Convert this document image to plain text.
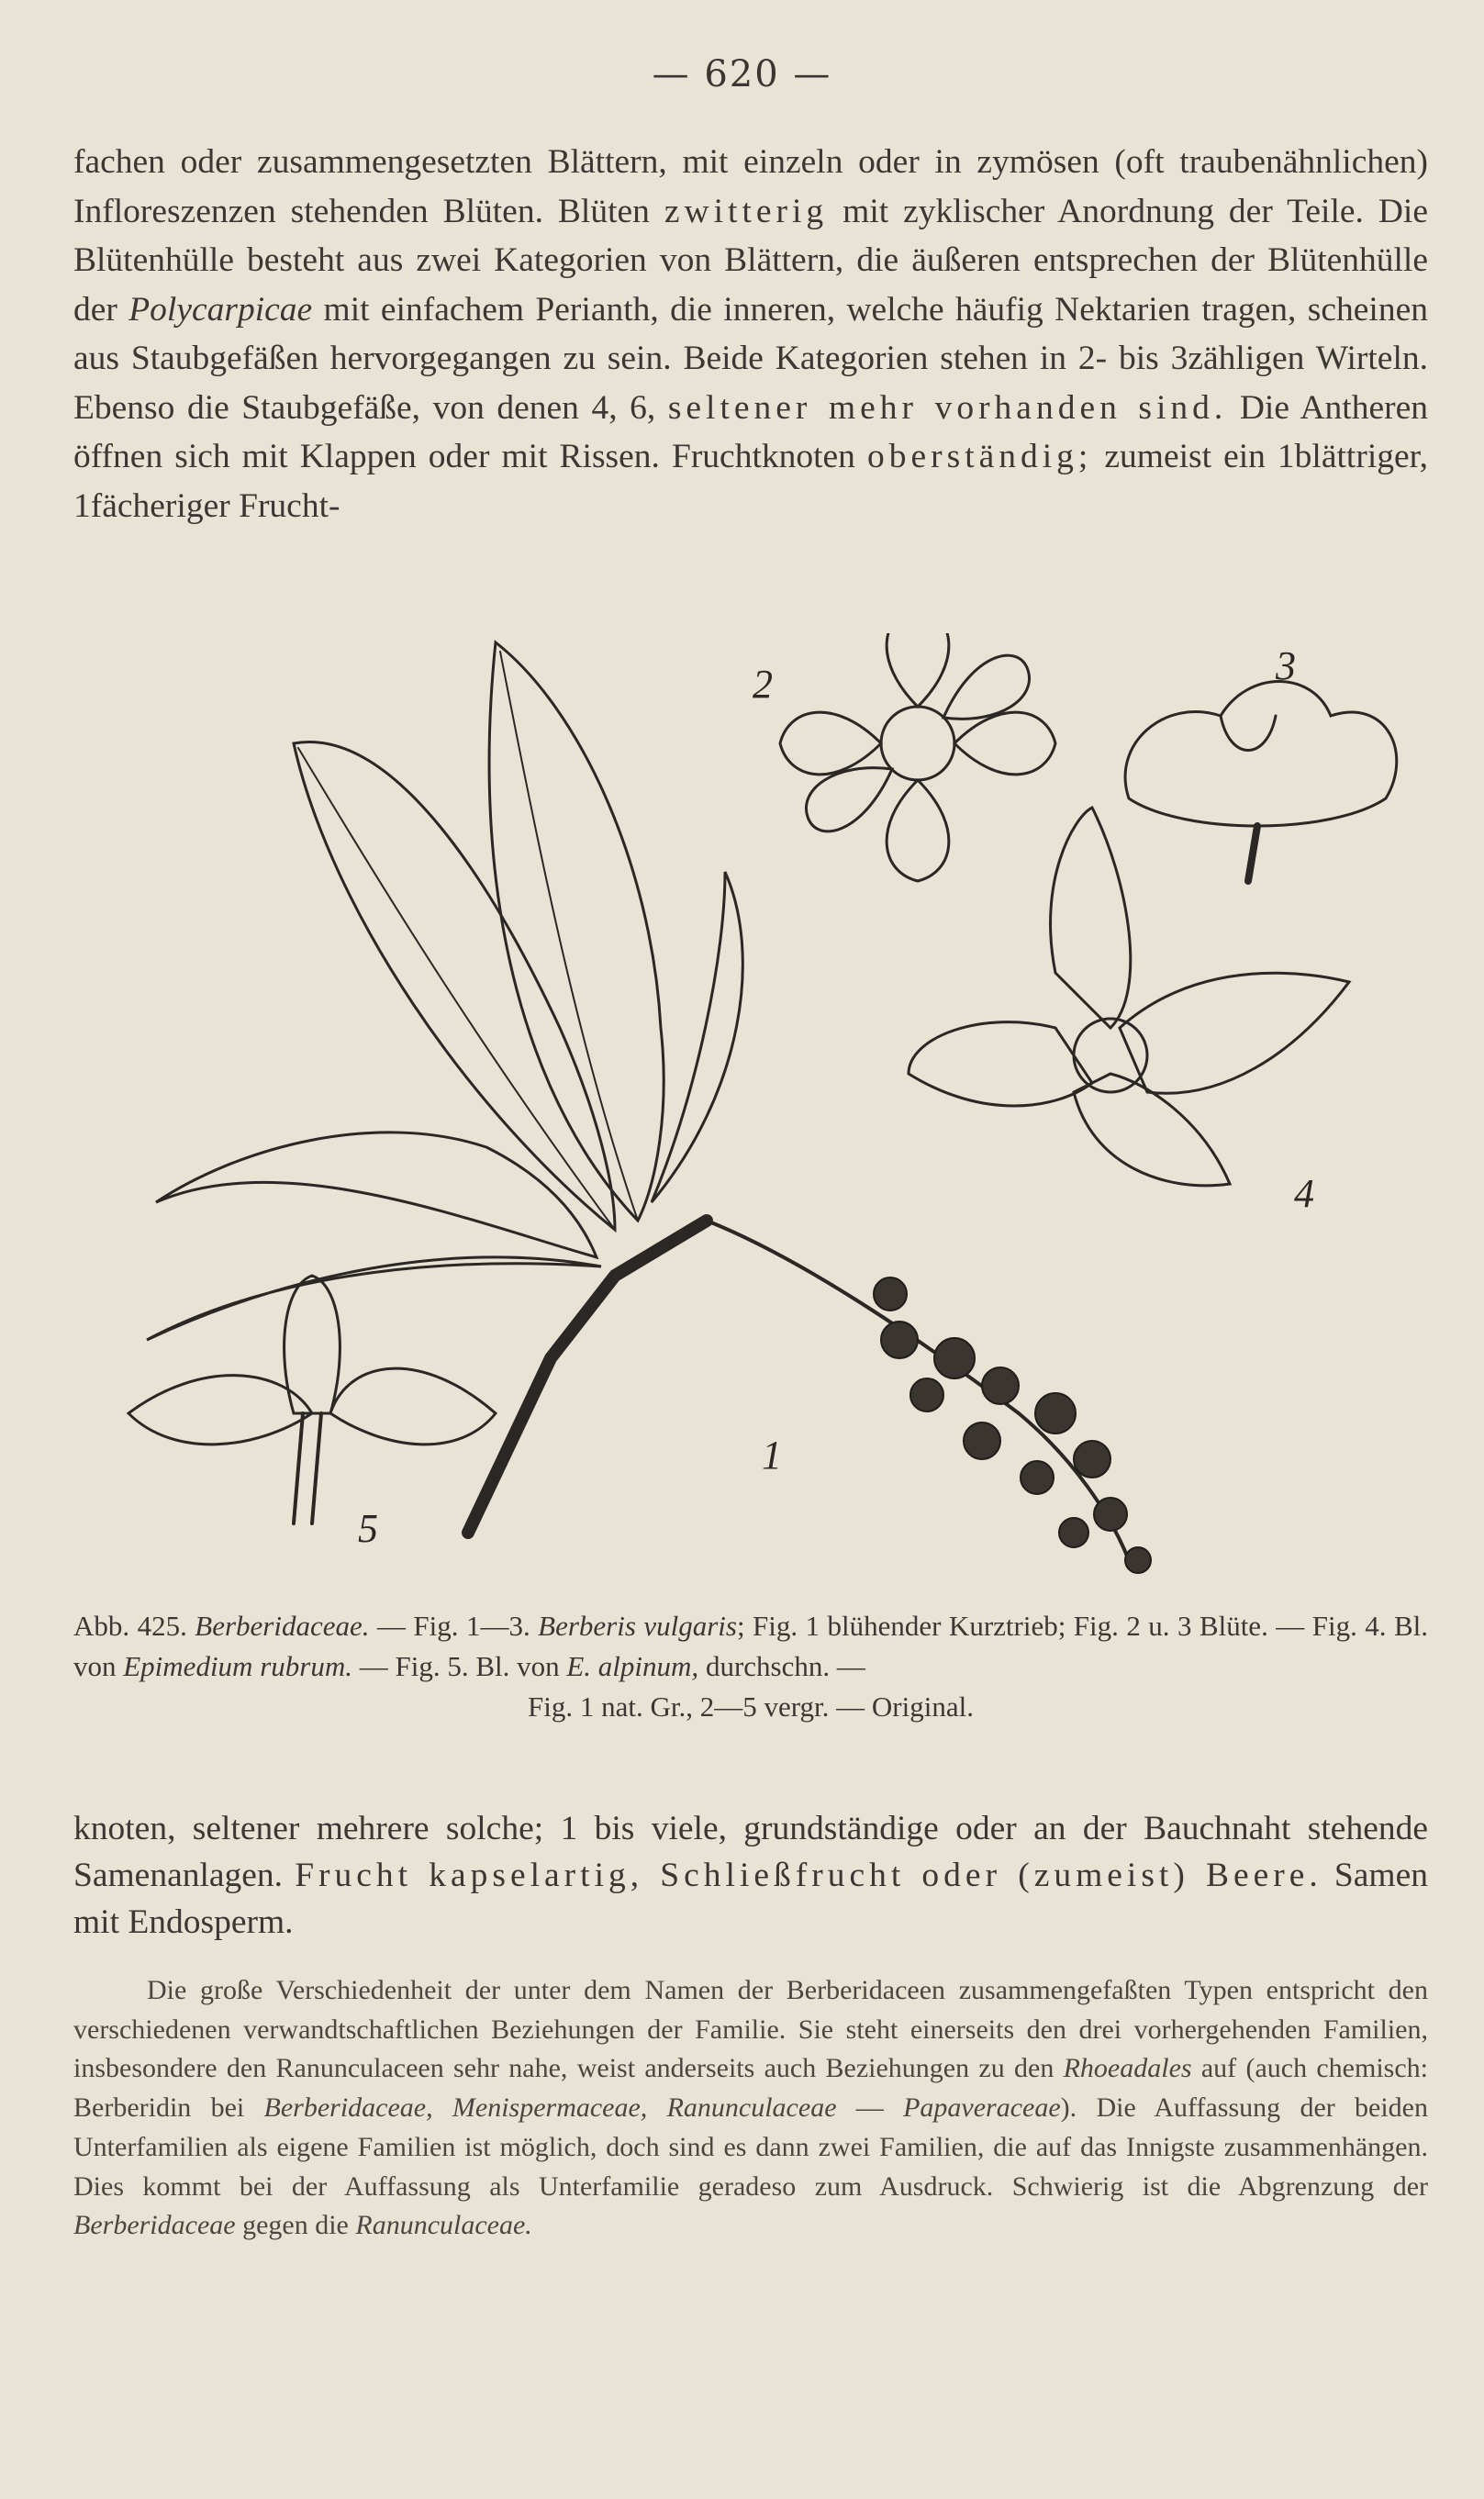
— 620 —
fachen oder zusammengesetzten Blättern, mit einzeln oder in zymösen (oft traubenähnlichen) Infloreszenzen stehenden Blüten. Blüten zwitterig mit zyklischer Anordnung der Teile. Die Blütenhülle besteht aus zwei Kategorien von Blättern, die äußeren entsprechen der Blütenhülle der Polycarpicae mit einfachem Perianth, die inneren, welche häufig Nektarien tragen, scheinen aus Staubgefäßen hervorgegangen zu sein. Beide Kategorien stehen in 2- bis 3zähligen Wirteln. Ebenso die Staubgefäße, von denen 4, 6, seltener mehr vorhanden sind. Die Antheren öffnen sich mit Klappen oder mit Rissen. Fruchtknoten oberständig; zumeist ein 1blättriger, 1fächeriger Frucht-
1
2	3
4
5
Abb. 425. Berberidaceae. — Fig. 1—3. Berberis vulgaris; Fig. 1 blühender Kurztrieb; Fig. 2 u. 3 Blüte. — Fig. 4. Bl. von Epimedium rubrum. — Fig. 5. Bl. von E. alpinum, durchschn. —
Fig. 1 nat. Gr., 2—5 vergr. — Original.
knoten, seltener mehrere solche; 1 bis viele, grundständige oder an der Bauchnaht stehende Samenanlagen. Frucht kapselartig, Schließfrucht oder (zumeist) Beere. Samen mit Endosperm.
Die große Verschiedenheit der unter dem Namen der Berberidaceen zusammengefaßten Typen entspricht den verschiedenen verwandtschaftlichen Beziehungen der Familie. Sie steht einerseits den drei vorhergehenden Familien, insbesondere den Ranunculaceen sehr nahe, weist anderseits auch Beziehungen zu den Rhoeadales auf (auch chemisch: Berberidin bei Berberidaceae, Menispermaceae, Ranunculaceae — Papaveraceae). Die Auffassung der beiden Unterfamilien als eigene Familien ist möglich, doch sind es dann zwei Familien, die auf das Innigste zusammenhängen. Dies kommt bei der Auffassung als Unterfamilie geradeso zum Ausdruck. Schwierig ist die Abgrenzung der Berberidaceae gegen die Ranunculaceae.
